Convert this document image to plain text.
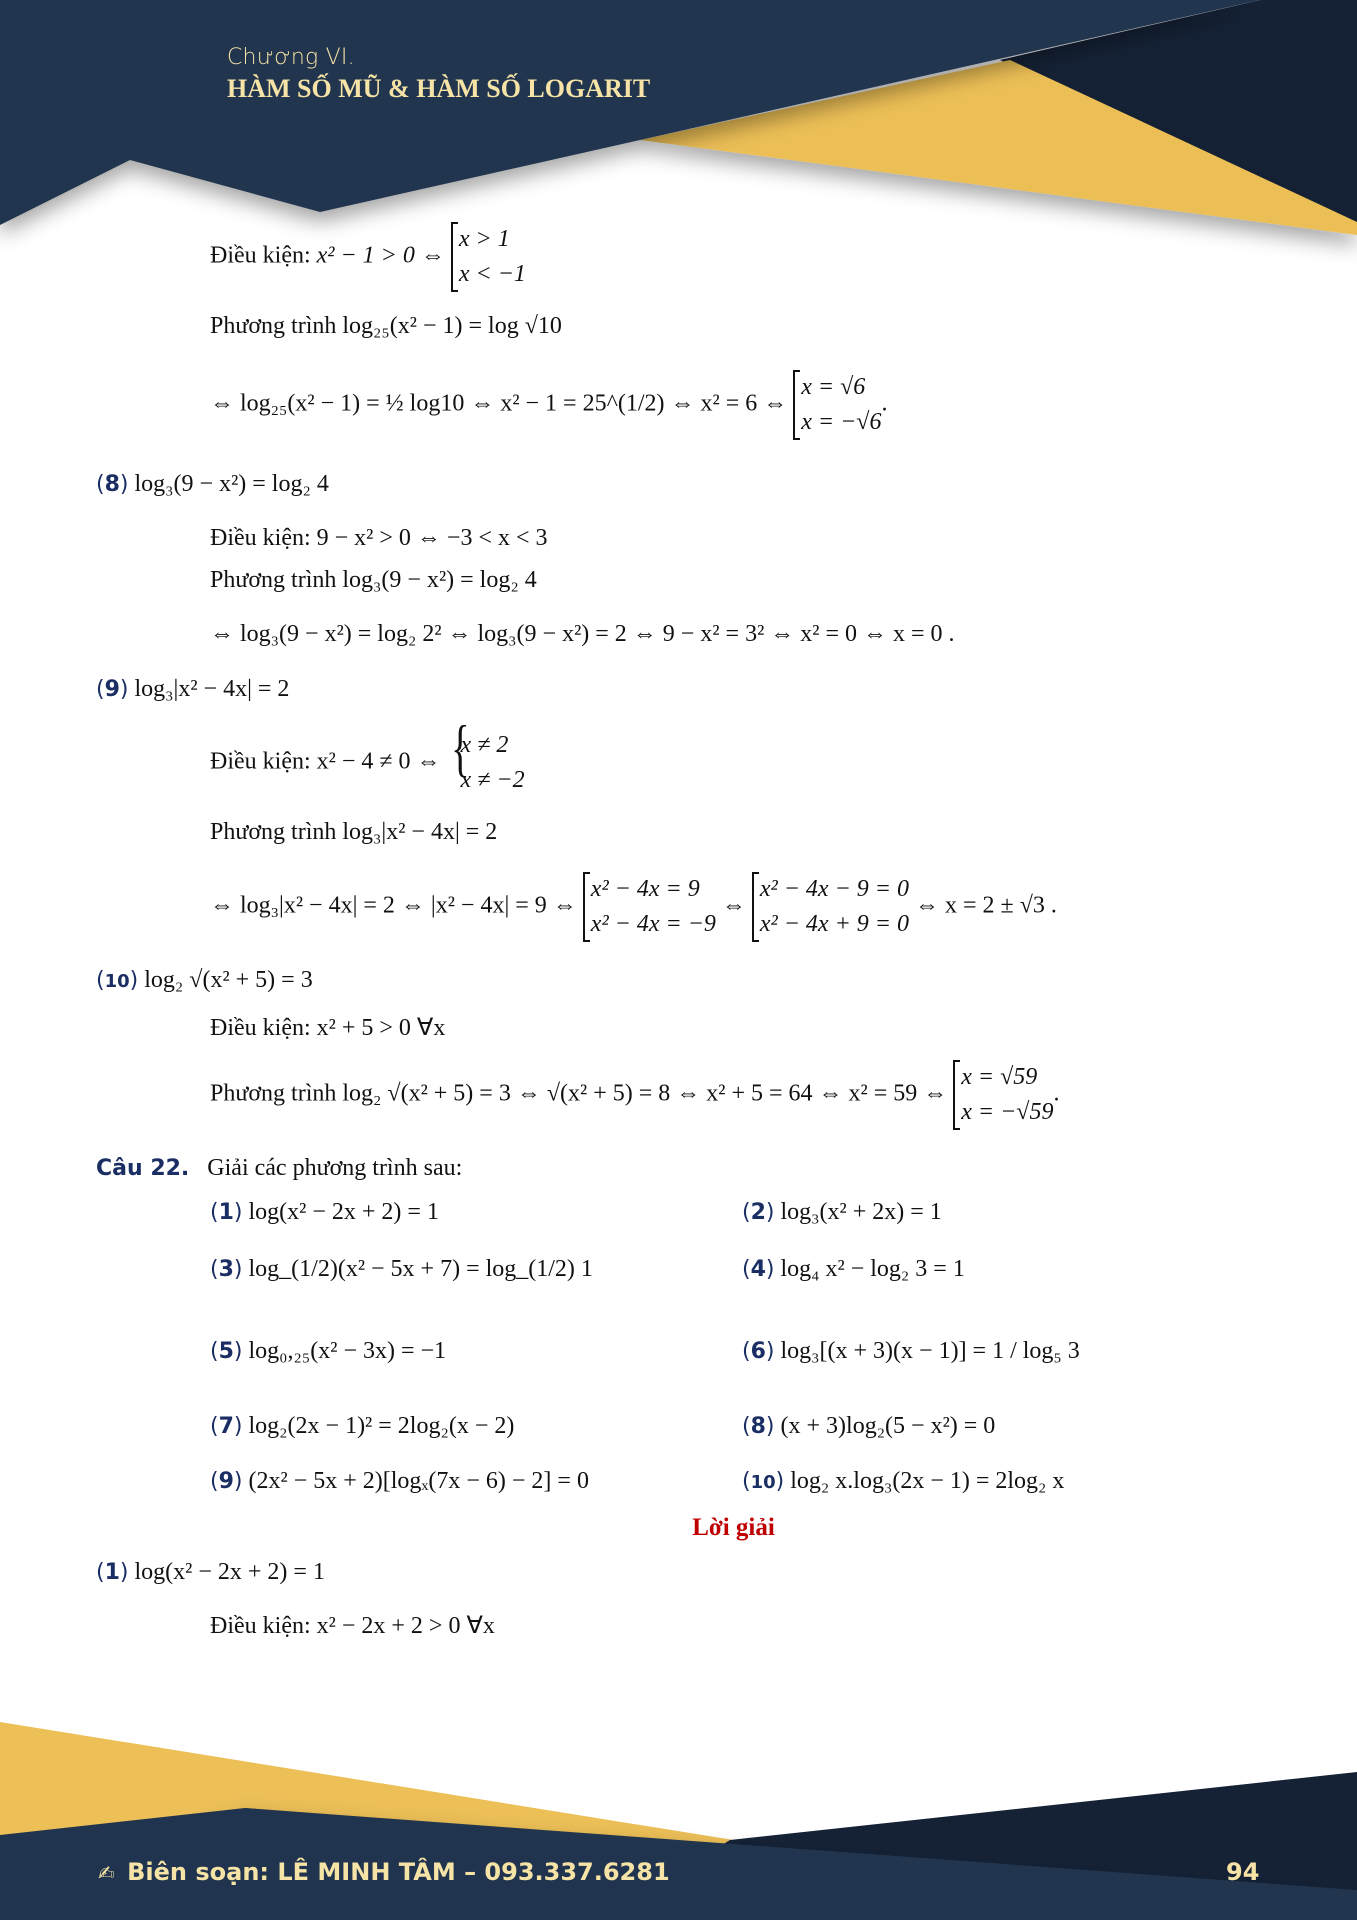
Chương VI.
HÀM SỐ MŨ & HÀM SỐ LOGARIT
Điều kiện: x² − 1 > 0 ⇔
x > 1
x < −1
Phương trình log₂₅(x² − 1) = log √10
⇔ log₂₅(x² − 1) = ½ log10 ⇔ x² − 1 = 25^(1/2) ⇔ x² = 6 ⇔
x = √6
x = −√6
.
(8) log₃(9 − x²) = log₂ 4
Điều kiện: 9 − x² > 0 ⇔ −3 < x < 3
Phương trình log₃(9 − x²) = log₂ 4
⇔ log₃(9 − x²) = log₂ 2² ⇔ log₃(9 − x²) = 2 ⇔ 9 − x² = 3² ⇔ x² = 0 ⇔ x = 0 .
(9) log₃|x² − 4x| = 2
Điều kiện: x² − 4 ≠ 0 ⇔
{ x ≠ 2
x ≠ −2
Phương trình log₃|x² − 4x| = 2
⇔ log₃|x² − 4x| = 2 ⇔ |x² − 4x| = 9 ⇔
x² − 4x = 9
x² − 4x = −9
⇔
x² − 4x − 9 = 0
x² − 4x + 9 = 0
⇔ x = 2 ± √3 .
(10) log₂ √(x² + 5) = 3
Điều kiện: x² + 5 > 0 ∀x
Phương trình log₂ √(x² + 5) = 3 ⇔ √(x² + 5) = 8 ⇔ x² + 5 = 64 ⇔ x² = 59 ⇔
x = √59
x = −√59
.
Câu 22. Giải các phương trình sau:
(1) log(x² − 2x + 2) = 1	(2) log₃(x² + 2x) = 1
(3) log_(1/2)(x² − 5x + 7) = log_(1/2) 1	(4) log₄ x² − log₂ 3 = 1
(5) log₀,₂₅(x² − 3x) = −1	(6) log₃[(x + 3)(x − 1)] = 1 / log₅ 3
(7) log₂(2x − 1)² = 2log₂(x − 2)	(8) (x + 3)log₂(5 − x²) = 0
(9) (2x² − 5x + 2)[logₓ(7x − 6) − 2] = 0	(10) log₂ x.log₃(2x − 1) = 2log₂ x
Lời giải
(1) log(x² − 2x + 2) = 1
Điều kiện: x² − 2x + 2 > 0 ∀x
✍ Biên soạn: LÊ MINH TÂM – 093.337.6281	94
